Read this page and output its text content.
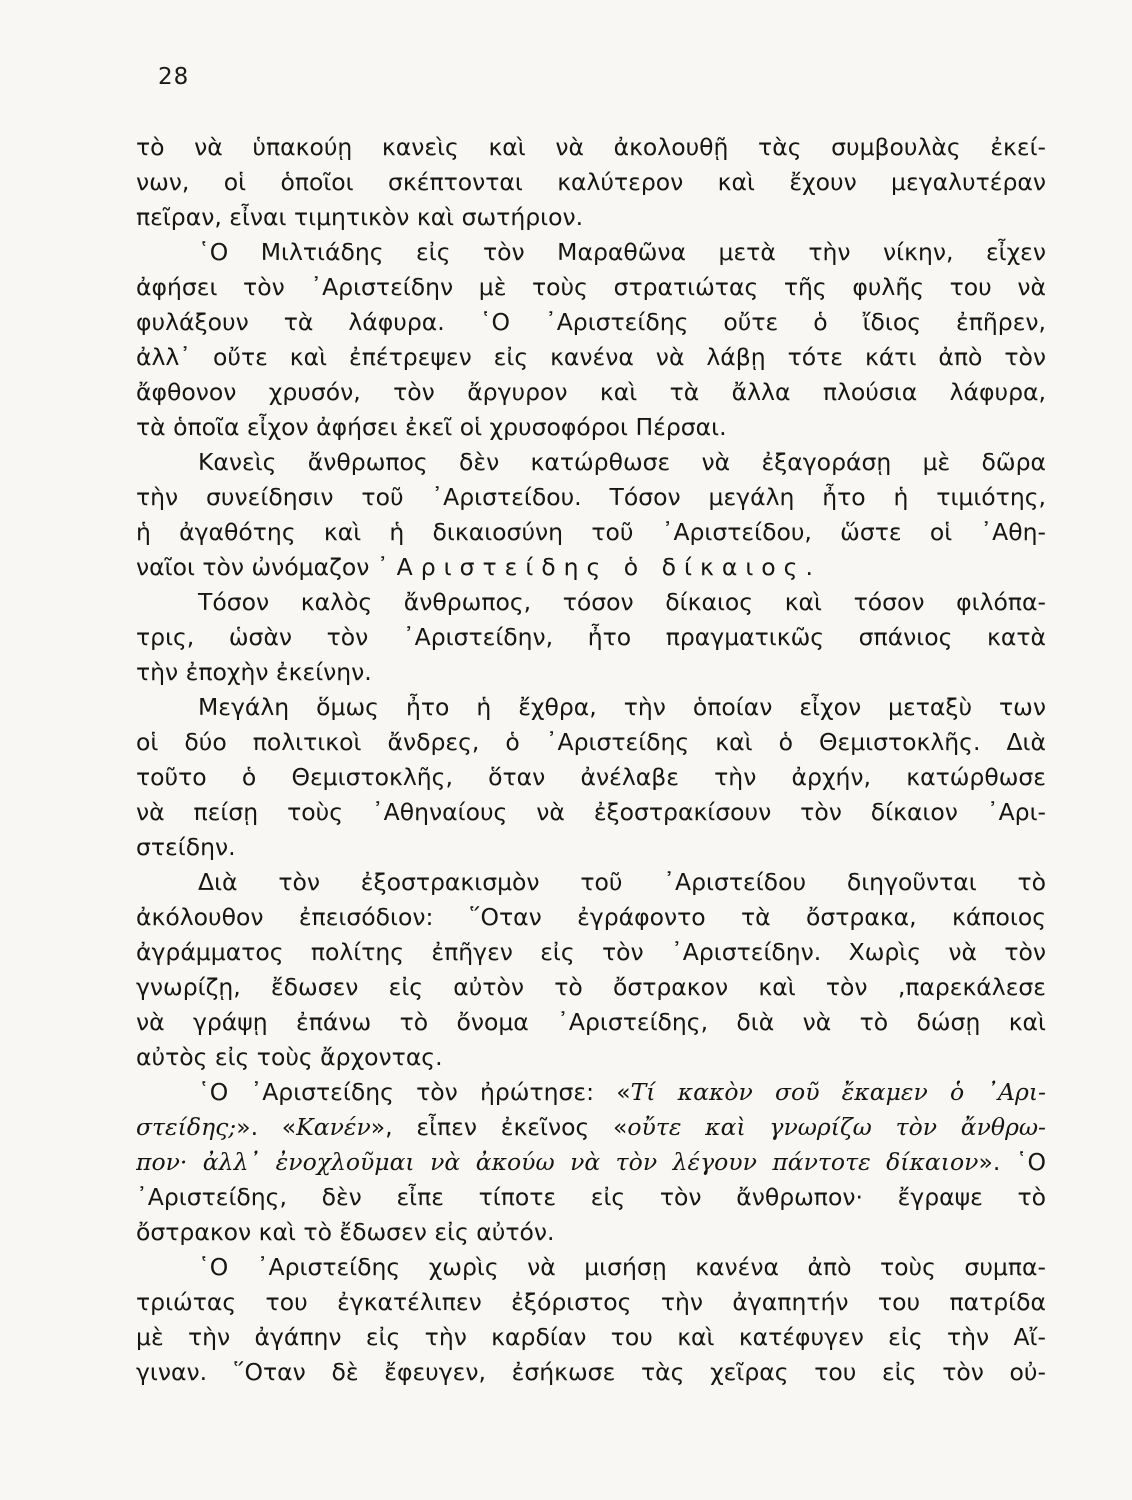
28
τὸ νὰ ὑπακούῃ κανεὶς καὶ νὰ ἀκολουθῇ τὰς συμβουλὰς ἐκεί-
νων, οἱ ὁποῖοι σκέπτονται καλύτερον καὶ ἔχουν μεγαλυτέραν
πεῖραν, εἶναι τιμητικὸν καὶ σωτήριον.
῾Ο Μιλτιάδης εἰς τὸν Μαραθῶνα μετὰ τὴν νίκην, εἶχεν
ἀφήσει τὸν ᾿Αριστείδην μὲ τοὺς στρατιώτας τῆς φυλῆς του νὰ
φυλάξουν τὰ λάφυρα. ῾Ο ᾿Αριστείδης οὔτε ὁ ἴδιος ἐπῆρεν,
ἀλλ᾿ οὔτε καὶ ἐπέτρεψεν εἰς κανένα νὰ λάβῃ τότε κάτι ἀπὸ τὸν
ἄφθονον χρυσόν, τὸν ἄργυρον καὶ τὰ ἄλλα πλούσια λάφυρα,
τὰ ὁποῖα εἶχον ἀφήσει ἐκεῖ οἱ χρυσοφόροι Πέρσαι.
Κανεὶς ἄνθρωπος δὲν κατώρθωσε νὰ ἐξαγοράσῃ μὲ δῶρα
τὴν συνείδησιν τοῦ ᾿Αριστείδου. Τόσον μεγάλη ἦτο ἡ τιμιότης,
ἡ ἀγαθότης καὶ ἡ δικαιοσύνη τοῦ ᾿Αριστείδου, ὥστε οἱ ᾿Αθη-
ναῖοι τὸν ὠνόμαζον ᾿Αριστείδης ὁ δίκαιος.
Τόσον καλὸς ἄνθρωπος, τόσον δίκαιος καὶ τόσον φιλόπα-
τρις, ὡσὰν τὸν ᾿Αριστείδην, ἦτο πραγματικῶς σπάνιος κατὰ
τὴν ἐποχὴν ἐκείνην.
Μεγάλη ὅμως ἦτο ἡ ἔχθρα, τὴν ὁποίαν εἶχον μεταξὺ των
οἱ δύο πολιτικοὶ ἄνδρες, ὁ ᾿Αριστείδης καὶ ὁ Θεμιστοκλῆς. Διὰ
τοῦτο ὁ Θεμιστοκλῆς, ὅταν ἀνέλαβε τὴν ἀρχήν, κατώρθωσε
νὰ πείσῃ τοὺς ᾿Αθηναίους νὰ ἐξοστρακίσουν τὸν δίκαιον ᾿Αρι-
στείδην.
Διὰ τὸν ἐξοστρακισμὸν τοῦ ᾿Αριστείδου διηγοῦνται τὸ
ἀκόλουθον ἐπεισόδιον: ῞Οταν ἐγράφοντο τὰ ὄστρακα, κάποιος
ἀγράμματος πολίτης ἐπῆγεν εἰς τὸν ᾿Αριστείδην. Χωρὶς νὰ τὸν
γνωρίζῃ, ἔδωσεν εἰς αὐτὸν τὸ ὄστρακον καὶ τὸν ‚παρεκάλεσε
νὰ γράψῃ ἐπάνω τὸ ὄνομα ᾿Αριστείδης, διὰ νὰ τὸ δώσῃ καὶ
αὐτὸς εἰς τοὺς ἄρχοντας.
῾Ο ᾿Αριστείδης τὸν ἠρώτησε: «Τί κακὸν σοῦ ἔκαμεν ὁ ᾿Αρι-
στείδης;». «Κανέν», εἶπεν ἐκεῖνος «οὔτε καὶ γνωρίζω τὸν ἄνθρω-
πον· ἀλλ᾿ ἐνοχλοῦμαι νὰ ἀκούω νὰ τὸν λέγουν πάντοτε δίκαιον». ῾Ο
᾿Αριστείδης, δὲν εἶπε τίποτε εἰς τὸν ἄνθρωπον· ἔγραψε τὸ
ὄστρακον καὶ τὸ ἔδωσεν εἰς αὐτόν.
῾Ο ᾿Αριστείδης χωρὶς νὰ μισήσῃ κανένα ἀπὸ τοὺς συμπα-
τριώτας του ἐγκατέλιπεν ἐξόριστος τὴν ἀγαπητήν του πατρίδα
μὲ τὴν ἀγάπην εἰς τὴν καρδίαν του καὶ κατέφυγεν εἰς τὴν Αἴ-
γιναν. ῞Οταν δὲ ἔφευγεν, ἐσήκωσε τὰς χεῖρας του εἰς τὸν οὐ-
